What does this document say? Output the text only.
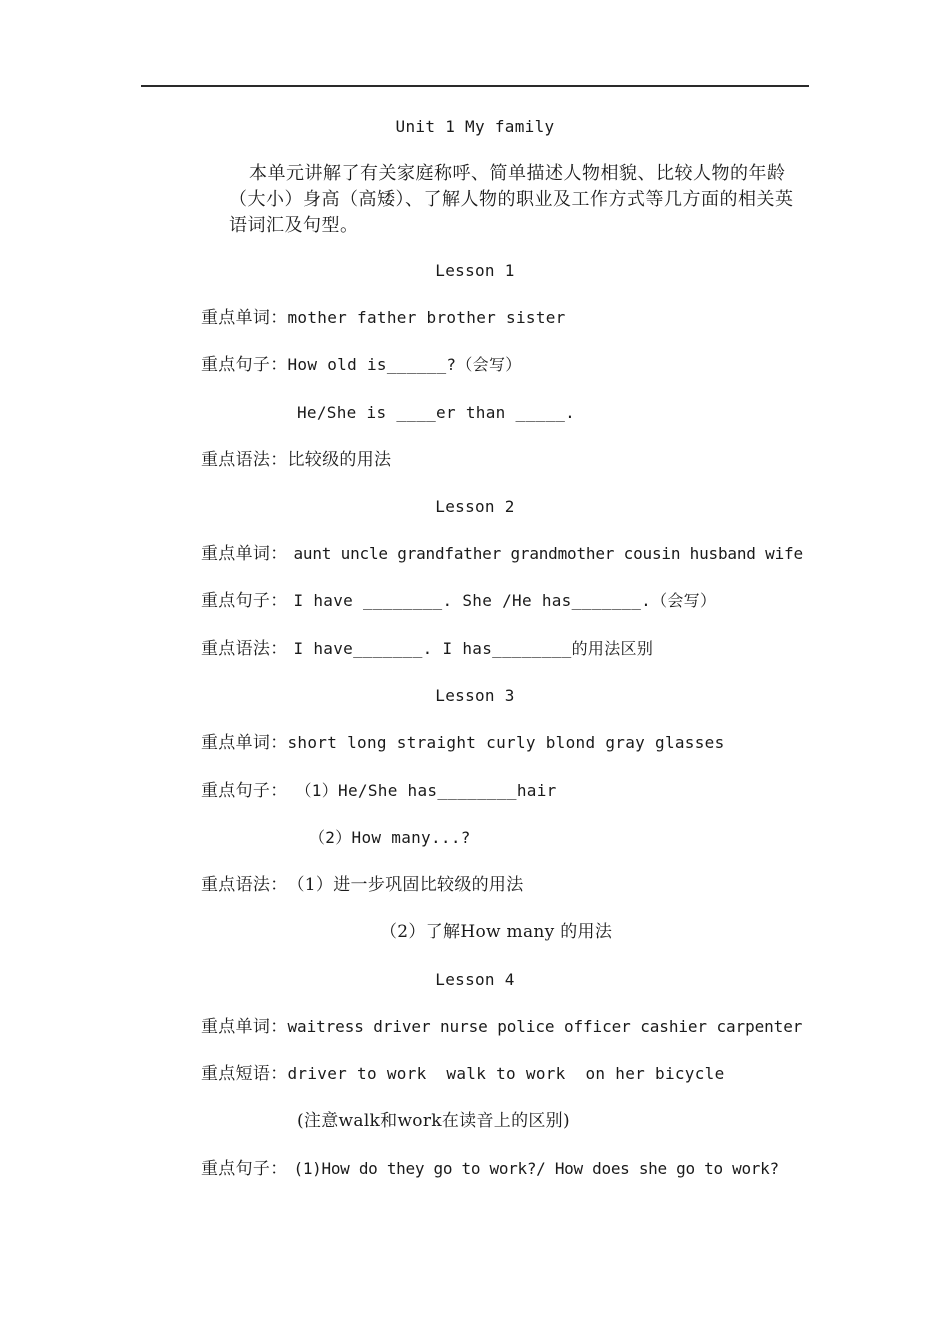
Unit 1 My family
本单元讲解了有关家庭称呼、简单描述人物相貌、比较人物的年龄（大小）身高（高矮）、了解人物的职业及工作方式等几方面的相关英语词汇及句型。
Lesson 1
重点单词：mother father brother sister
重点句子：How old is______?（会写）
He/She is ____er than _____.
重点语法：比较级的用法
Lesson 2
重点单词： aunt uncle grandfather grandmother cousin husband wife
重点句子： I have ________. She /He has_______.（会写）
重点语法： I have_______. I has________的用法区别
Lesson 3
重点单词：short long straight curly blond gray glasses
重点句子： （1）He/She has________hair
（2）How many...?
重点语法：（1）进一步巩固比较级的用法
（2）了解How many 的用法
Lesson 4
重点单词：waitress driver nurse police officer cashier carpenter
重点短语：driver to work  walk to work  on her bicycle
(注意walk和work在读音上的区别)
重点句子： (1)How do they go to work?/ How does she go to work?
